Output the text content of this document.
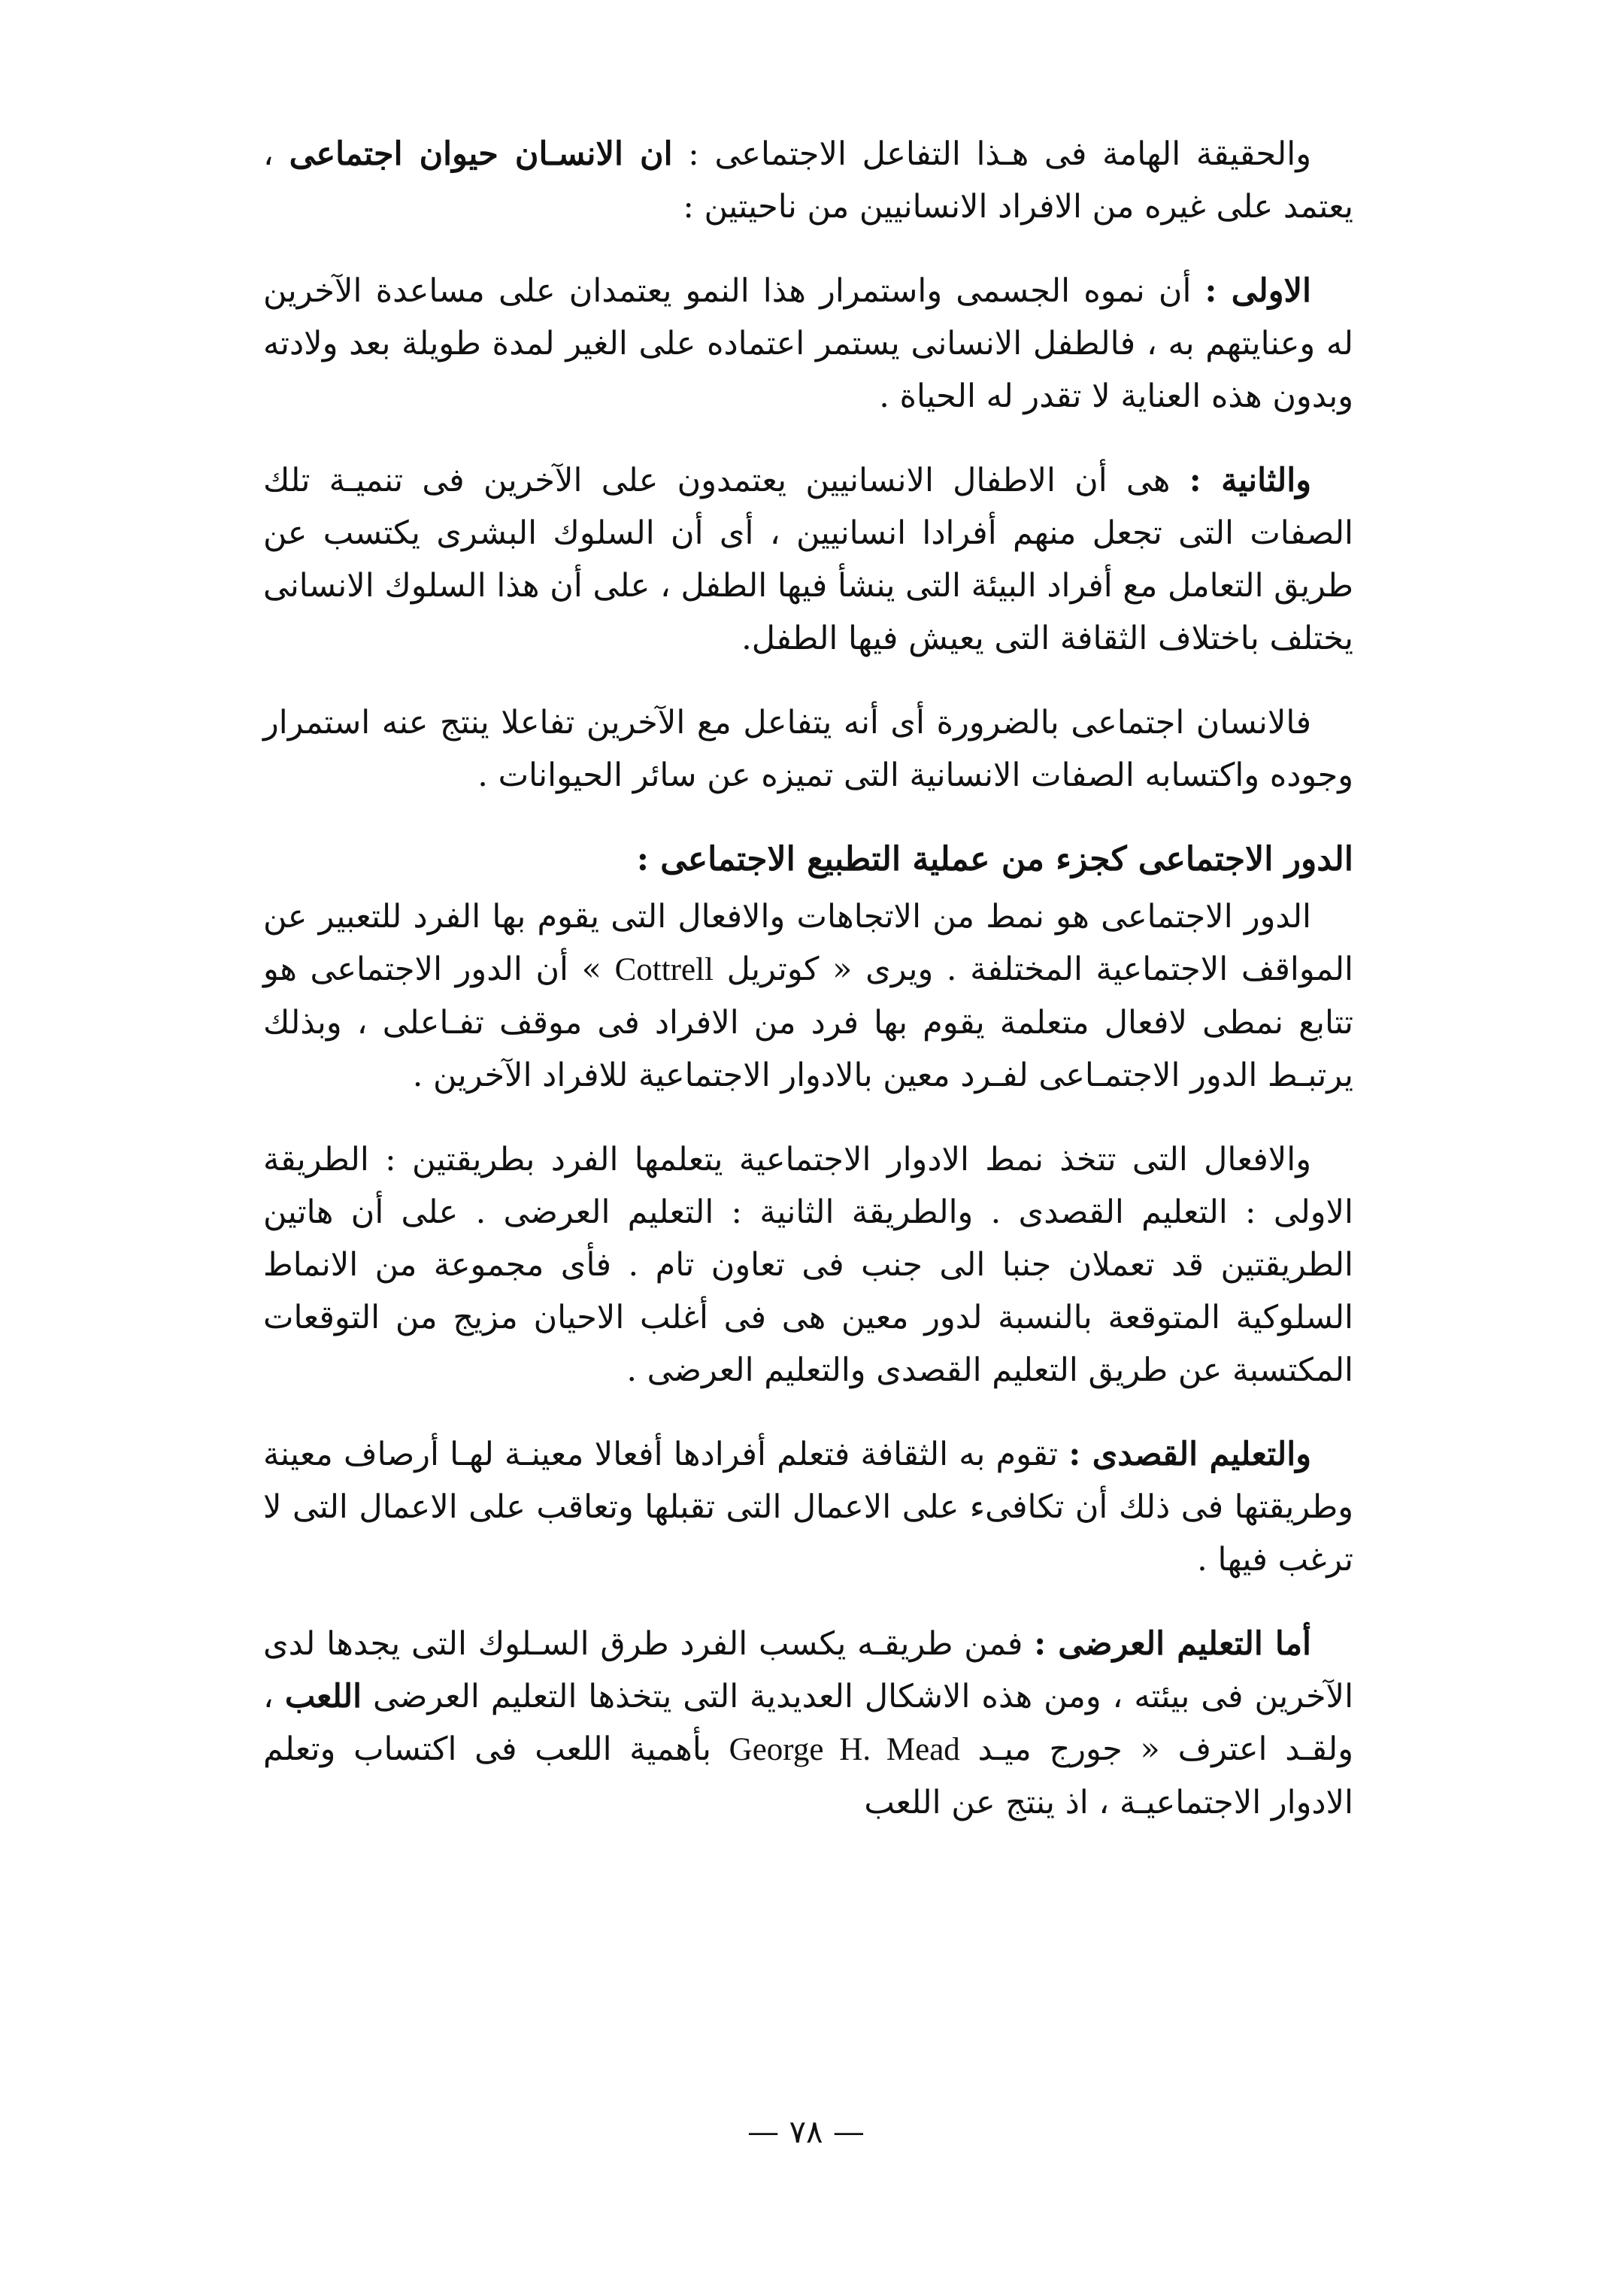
والحقيقة الهامة فى هـذا التفاعل الاجتماعى : ان الانسـان حيوان اجتماعى ، يعتمد على غيره من الافراد الانسانيين من ناحيتين :

الاولى : أن نموه الجسمى واستمرار هذا النمو يعتمدان على مساعدة الآخرين له وعنايتهم به ، فالطفل الانسانى يستمر اعتماده على الغير لمدة طويلة بعد ولادته وبدون هذه العناية لا تقدر له الحياة .

والثانية : هى أن الاطفال الانسانيين يعتمدون على الآخرين فى تنميـة تلك الصفات التى تجعل منهم أفرادا انسانيين ، أى أن السلوك البشرى يكتسب عن طريق التعامل مع أفراد البيئة التى ينشأ فيها الطفل ، على أن هذا السلوك الانسانى يختلف باختلاف الثقافة التى يعيش فيها الطفل.

فالانسان اجتماعى بالضرورة أى أنه يتفاعل مع الآخرين تفاعلا ينتج عنه استمرار وجوده واكتسابه الصفات الانسانية التى تميزه عن سائر الحيوانات .

الدور الاجتماعى كجزء من عملية التطبيع الاجتماعى :

الدور الاجتماعى هو نمط من الاتجاهات والافعال التى يقوم بها الفرد للتعبير عن المواقف الاجتماعية المختلفة . ويرى « كوتريل Cottrell » أن الدور الاجتماعى هو تتابع نمطى لافعال متعلمة يقوم بها فرد من الافراد فى موقف تفـاعلى ، وبذلك يرتبـط الدور الاجتمـاعى لفـرد معين بالادوار الاجتماعية للافراد الآخرين .

والافعال التى تتخذ نمط الادوار الاجتماعية يتعلمها الفرد بطريقتين : الطريقة الاولى : التعليم القصدى . والطريقة الثانية : التعليم العرضى . على أن هاتين الطريقتين قد تعملان جنبا الى جنب فى تعاون تام . فأى مجموعة من الانماط السلوكية المتوقعة بالنسبة لدور معين هى فى أغلب الاحيان مزيج من التوقعات المكتسبة عن طريق التعليم القصدى والتعليم العرضى .

والتعليم القصدى : تقوم به الثقافة فتعلم أفرادها أفعالا معينـة لهـا أرصاف معينة وطريقتها فى ذلك أن تكافىء على الاعمال التى تقبلها وتعاقب على الاعمال التى لا ترغب فيها .

أما التعليم العرضى : فمن طريقـه يكسب الفرد طرق السـلوك التى يجدها لدى الآخرين فى بيئته ، ومن هذه الاشكال العديدية التى يتخذها التعليم العرضى اللعب ، ولقـد اعترف « جورج ميـد George H. Mead بأهمية اللعب فى اكتساب وتعلم الادوار الاجتماعيـة ، اذ ينتج عن اللعب

— ٧٨ —
